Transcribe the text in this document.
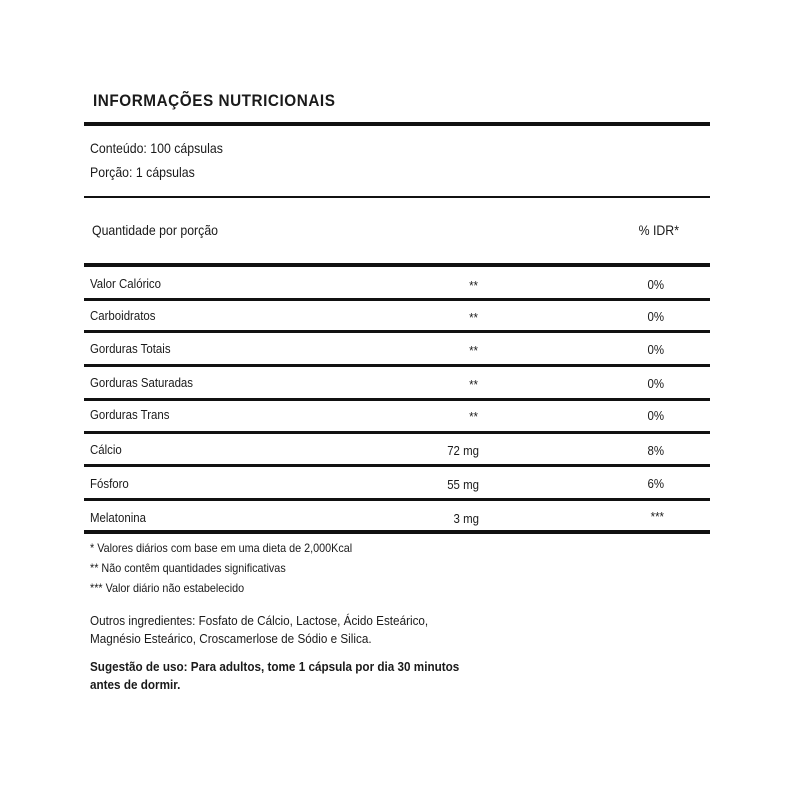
INFORMAÇÕES NUTRICIONAIS
Conteúdo: 100 cápsulas
Porção: 1 cápsulas
Quantidade por porção	% IDR*
Valor Calórico	**	0%
Carboidratos	**	0%
Gorduras Totais	**	0%
Gorduras Saturadas	**	0%
Gorduras Trans	**	0%
Cálcio	72 mg	8%
Fósforo	55 mg	6%
Melatonina	3 mg	***
* Valores diários com base em uma dieta de 2,000Kcal
** Não contêm quantidades significativas
*** Valor diário não estabelecido
Outros ingredientes: Fosfato de Cálcio, Lactose, Ácido Esteárico, Magnésio Esteárico, Croscamerlose de Sódio e Silica.
Sugestão de uso: Para adultos, tome 1 cápsula por dia 30 minutos antes de dormir.
